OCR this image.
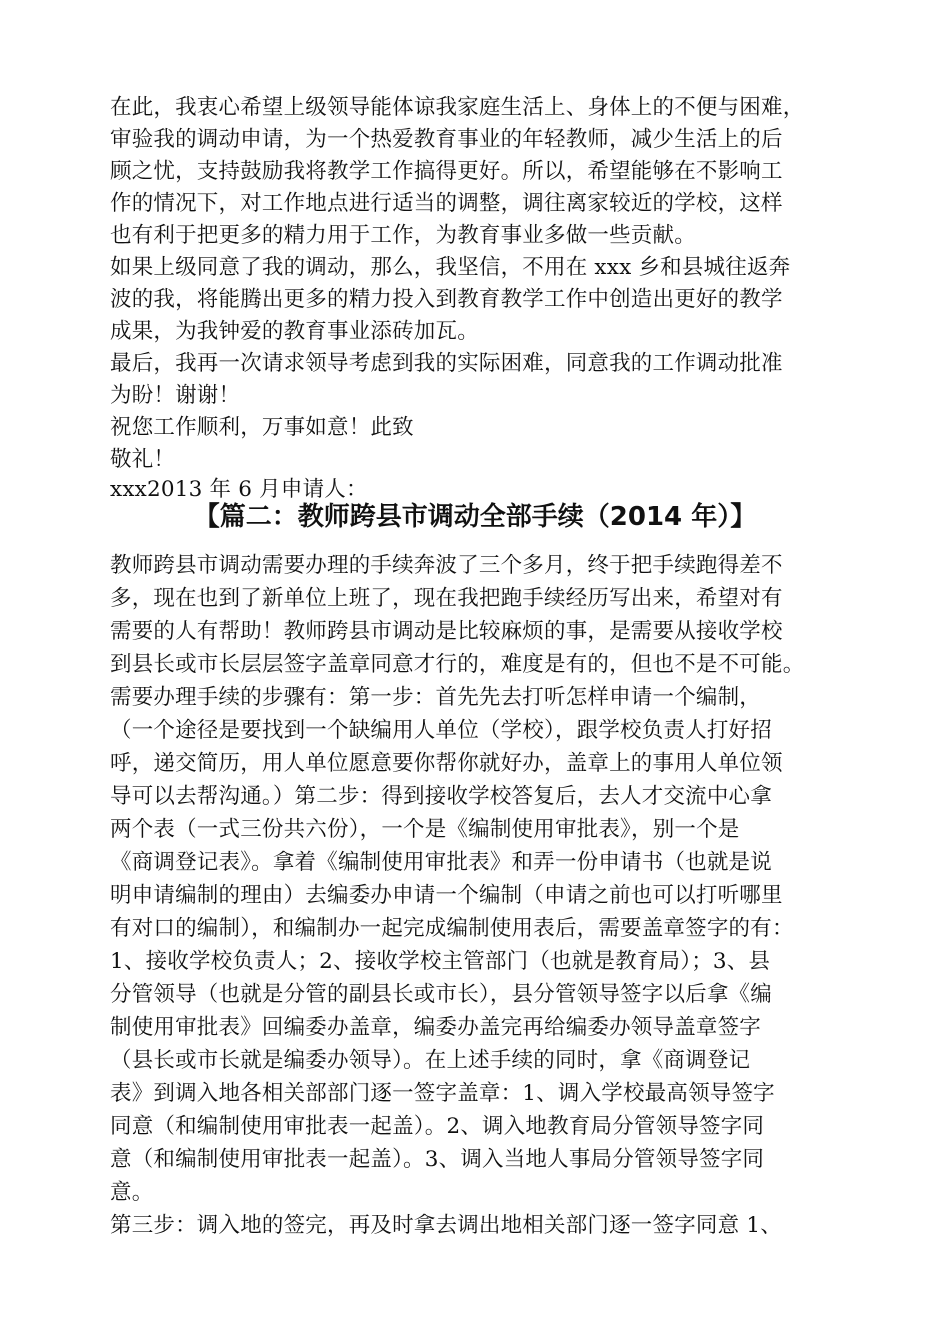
在此，我衷心希望上级领导能体谅我家庭生活上、身体上的不便与困难，
审验我的调动申请，为一个热爱教育事业的年轻教师，减少生活上的后
顾之忧，支持鼓励我将教学工作搞得更好。所以，希望能够在不影响工
作的情况下，对工作地点进行适当的调整，调往离家较近的学校，这样
也有利于把更多的精力用于工作，为教育事业多做一些贡献。
如果上级同意了我的调动，那么，我坚信，不用在 xxx 乡和县城往返奔
波的我，将能腾出更多的精力投入到教育教学工作中创造出更好的教学
成果，为我钟爱的教育事业添砖加瓦。
最后，我再一次请求领导考虑到我的实际困难，同意我的工作调动批准
为盼！谢谢！
祝您工作顺利，万事如意！此致
敬礼！
xxx2013 年 6 月申请人：
【篇二：教师跨县市调动全部手续（2014 年）】
教师跨县市调动需要办理的手续奔波了三个多月，终于把手续跑得差不
多，现在也到了新单位上班了，现在我把跑手续经历写出来，希望对有
需要的人有帮助！教师跨县市调动是比较麻烦的事，是需要从接收学校
到县长或市长层层签字盖章同意才行的，难度是有的，但也不是不可能。
需要办理手续的步骤有：第一步：首先先去打听怎样申请一个编制，
（一个途径是要找到一个缺编用人单位（学校），跟学校负责人打好招
呼，递交简历，用人单位愿意要你帮你就好办，盖章上的事用人单位领
导可以去帮沟通。）第二步：得到接收学校答复后，去人才交流中心拿
两个表（一式三份共六份），一个是《编制使用审批表》，别一个是
《商调登记表》。拿着《编制使用审批表》和弄一份申请书（也就是说
明申请编制的理由）去编委办申请一个编制（申请之前也可以打听哪里
有对口的编制），和编制办一起完成编制使用表后，需要盖章签字的有：
1、接收学校负责人；2、接收学校主管部门（也就是教育局）；3、县
分管领导（也就是分管的副县长或市长），县分管领导签字以后拿《编
制使用审批表》回编委办盖章，编委办盖完再给编委办领导盖章签字
（县长或市长就是编委办领导）。在上述手续的同时，拿《商调登记
表》到调入地各相关部部门逐一签字盖章：1、调入学校最高领导签字
同意（和编制使用审批表一起盖）。2、调入地教育局分管领导签字同
意（和编制使用审批表一起盖）。3、调入当地人事局分管领导签字同
意。
第三步：调入地的签完，再及时拿去调出地相关部门逐一签字同意 1、
